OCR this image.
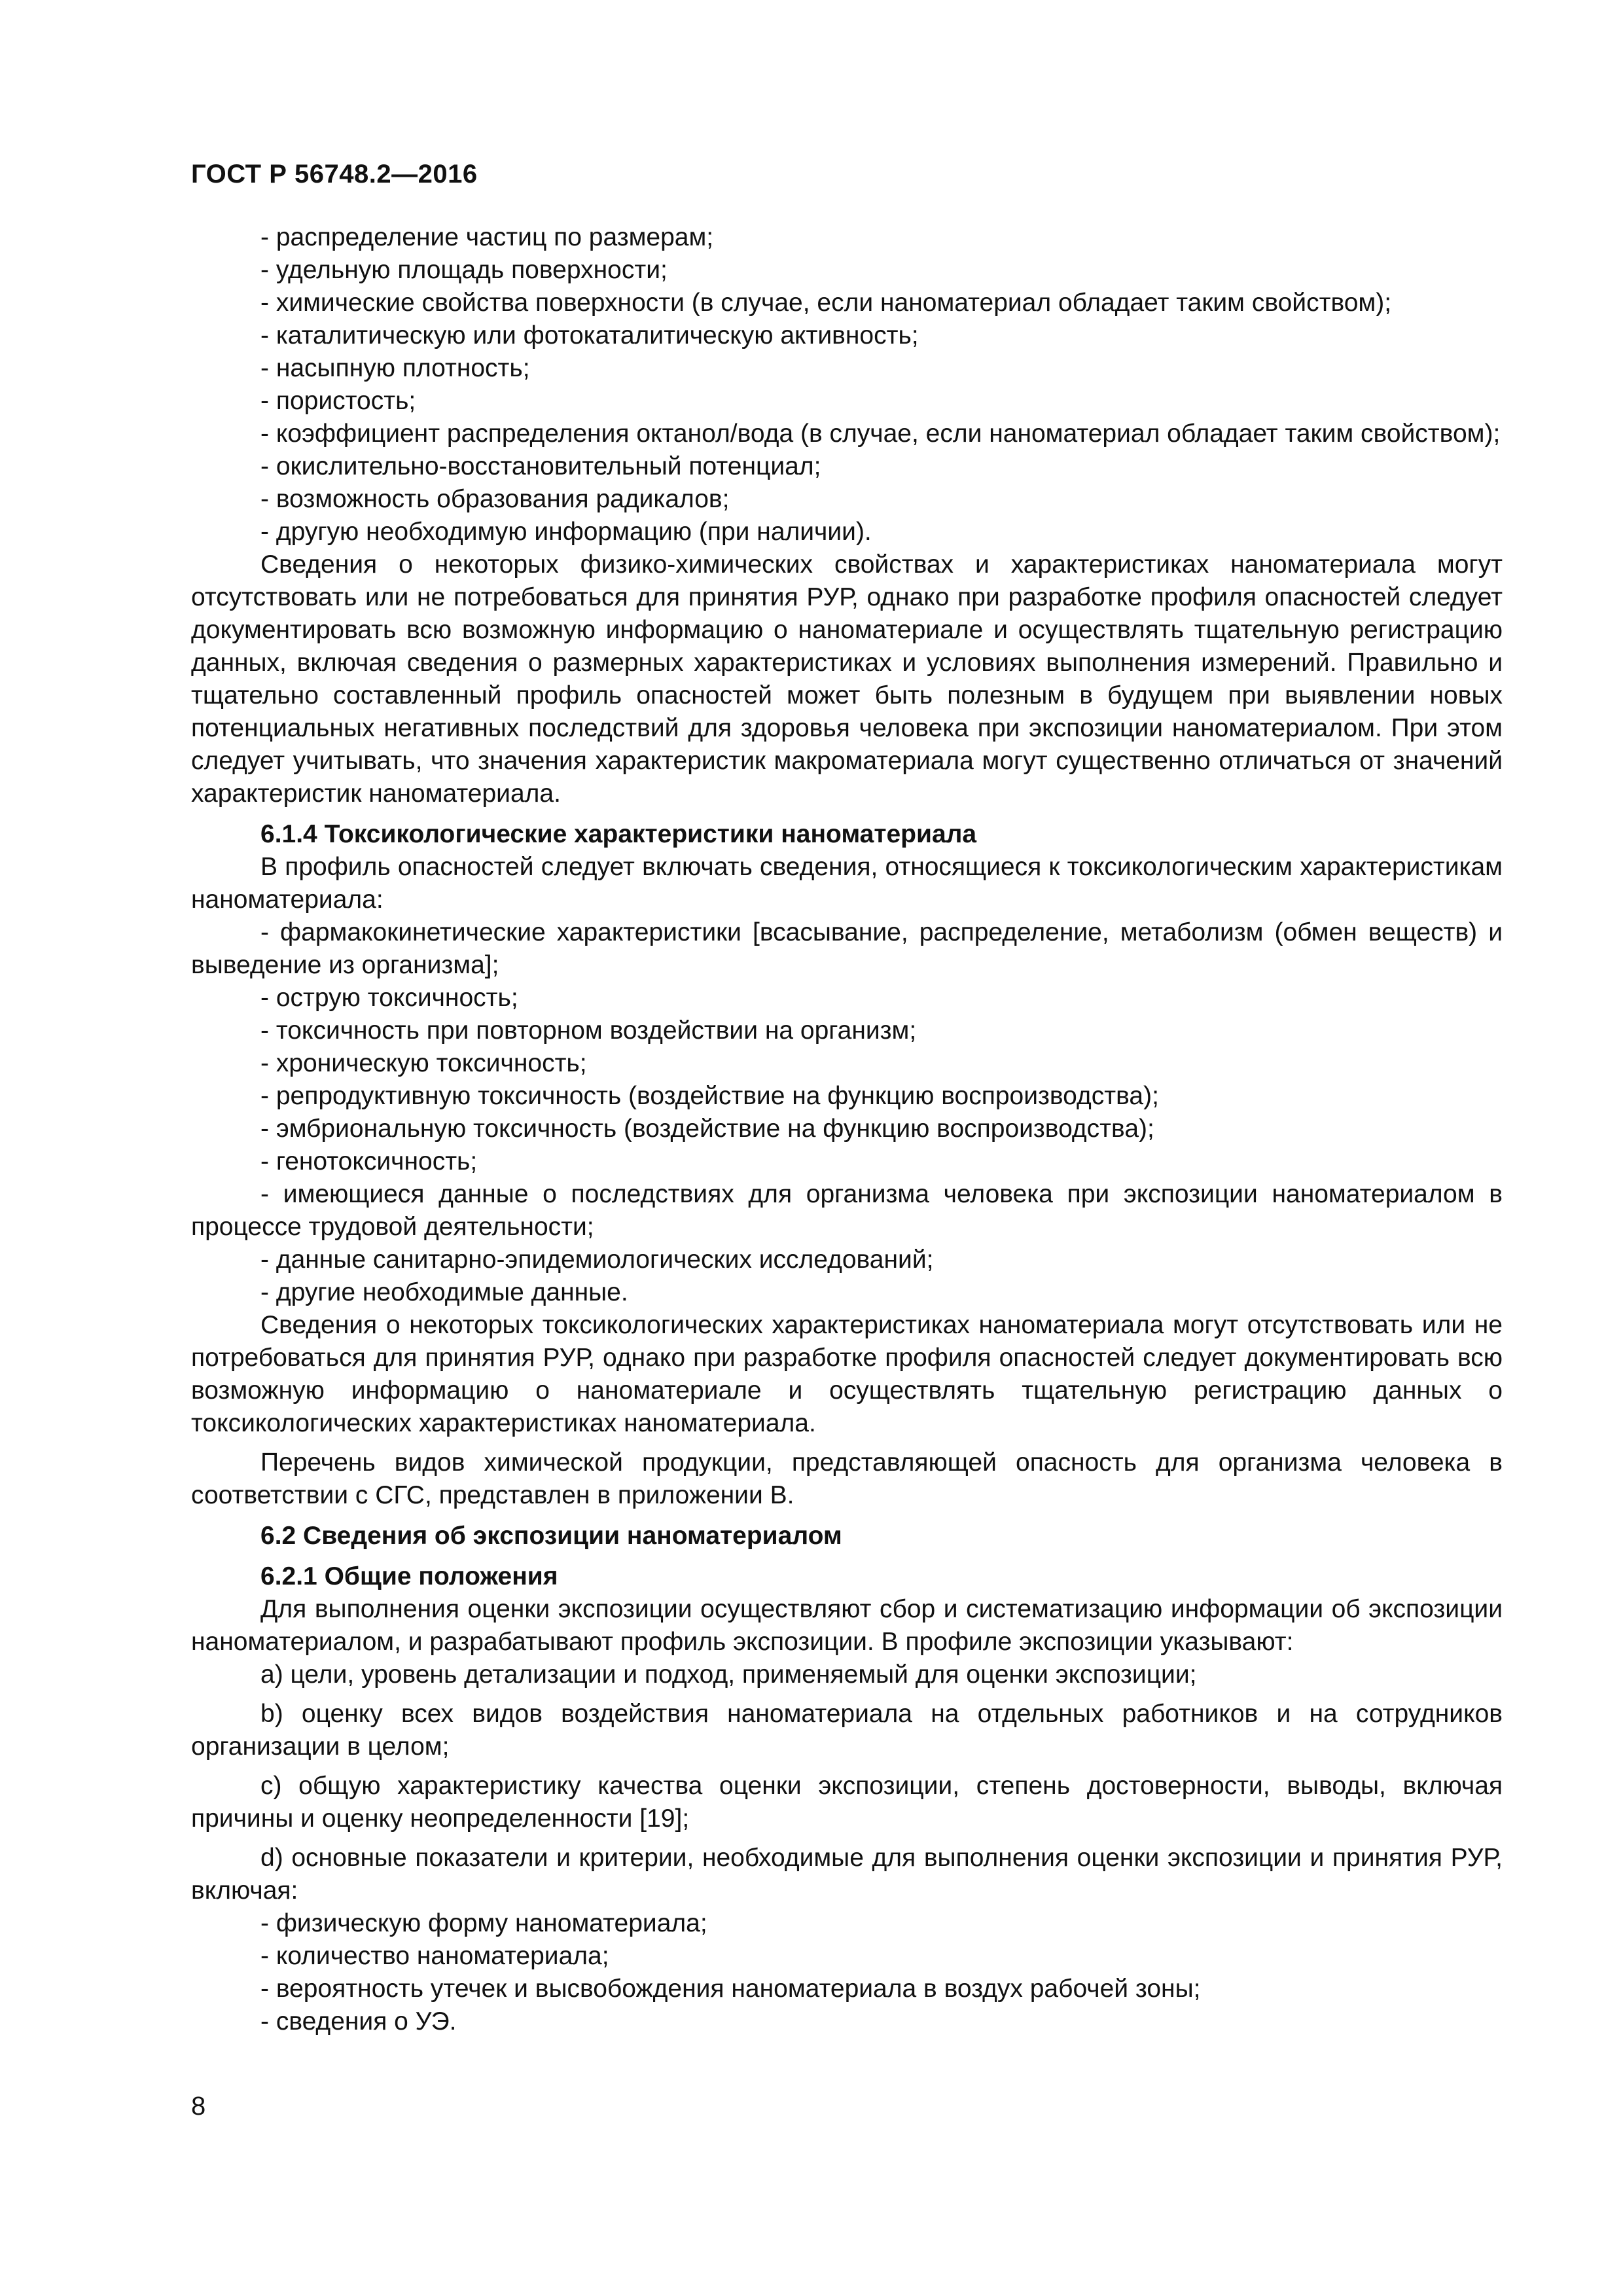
ГОСТ Р 56748.2—2016

- распределение частиц по размерам;

- удельную площадь поверхности;

- химические свойства поверхности (в случае, если наноматериал обладает таким свойством);

- каталитическую или фотокаталитическую активность;

- насыпную плотность;

- пористость;

- коэффициент распределения октанол/вода (в случае, если наноматериал обладает таким свойством);

- окислительно-восстановительный потенциал;

- возможность образования радикалов;

- другую необходимую информацию (при наличии).

Сведения о некоторых физико-химических свойствах и характеристиках наноматериала могут отсутствовать или не потребоваться для принятия РУР, однако при разработке профиля опасностей следует документировать всю возможную информацию о наноматериале и осуществлять тщательную регистрацию данных, включая сведения о размерных характеристиках и условиях выполнения измерений. Правильно и тщательно составленный профиль опасностей может быть полезным в будущем при выявлении новых потенциальных негативных последствий для здоровья человека при экспозиции наноматериалом. При этом следует учитывать, что значения характеристик макроматериала могут существенно отличаться от значений характеристик наноматериала.

6.1.4 Токсикологические характеристики наноматериала

В профиль опасностей следует включать сведения, относящиеся к токсикологическим характеристикам наноматериала:

- фармакокинетические характеристики [всасывание, распределение, метаболизм (обмен веществ) и выведение из организма];

- острую токсичность;

- токсичность при повторном воздействии на организм;

- хроническую токсичность;

- репродуктивную токсичность (воздействие на функцию воспроизводства);

- эмбриональную токсичность (воздействие на функцию воспроизводства);

- генотоксичность;

- имеющиеся данные о последствиях для организма человека при экспозиции наноматериалом в процессе трудовой деятельности;

- данные санитарно-эпидемиологических исследований;

- другие необходимые данные.

Сведения о некоторых токсикологических характеристиках наноматериала могут отсутствовать или не потребоваться для принятия РУР, однако при разработке профиля опасностей следует документировать всю возможную информацию о наноматериале и осуществлять тщательную регистрацию данных о токсикологических характеристиках наноматериала.

Перечень видов химической продукции, представляющей опасность для организма человека в соответствии с СГС, представлен в приложении В.

6.2 Сведения об экспозиции наноматериалом

6.2.1 Общие положения

Для выполнения оценки экспозиции осуществляют сбор и систематизацию информации об экспозиции наноматериалом, и разрабатывают профиль экспозиции. В профиле экспозиции указывают:

a) цели, уровень детализации и подход, применяемый для оценки экспозиции;

b) оценку всех видов воздействия наноматериала на отдельных работников и на сотрудников организации в целом;

c) общую характеристику качества оценки экспозиции, степень достоверности, выводы, включая причины и оценку неопределенности [19];

d) основные показатели и критерии, необходимые для выполнения оценки экспозиции и принятия РУР, включая:

- физическую форму наноматериала;

- количество наноматериала;

- вероятность утечек и высвобождения наноматериала в воздух рабочей зоны;

- сведения о УЭ.

8
